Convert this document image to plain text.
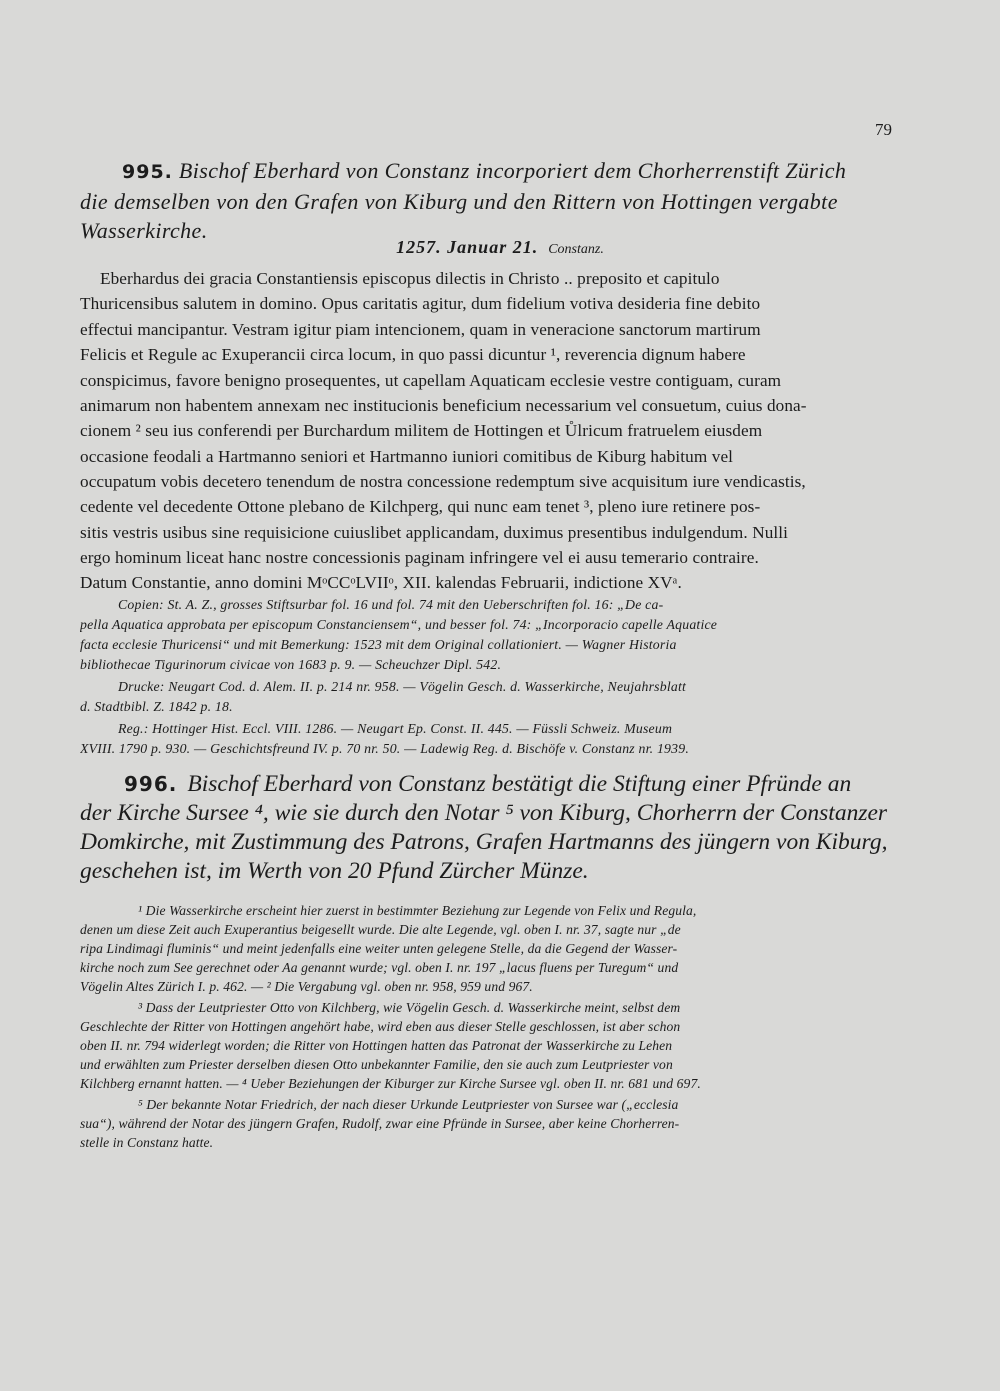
79
995. Bischof Eberhard von Constanz incorporiert dem Chorherrenstift Zürich
die demselben von den Grafen von Kiburg und den Rittern von Hottingen vergabte
Wasserkirche.
1257. Januar 21. Constanz.
Eberhardus dei gracia Constantiensis episcopus dilectis in Christo .. preposito et capitulo
Thuricensibus salutem in domino. Opus caritatis agitur, dum fidelium votiva desideria fine debito
effectui mancipantur. Vestram igitur piam intencionem, quam in veneracione sanctorum martirum
Felicis et Regule ac Exuperancii circa locum, in quo passi dicuntur ¹, reverencia dignum habere
conspicimus, favore benigno prosequentes, ut capellam Aquaticam ecclesie vestre contiguam, curam
animarum non habentem annexam nec institucionis beneficium necessarium vel consuetum, cuius dona-
cionem ² seu ius conferendi per Burchardum militem de Hottingen et Ůlricum fratruelem eiusdem
occasione feodali a Hartmanno seniori et Hartmanno iuniori comitibus de Kiburg habitum vel
occupatum vobis decetero tenendum de nostra concessione redemptum sive acquisitum iure vendicastis,
cedente vel decedente Ottone plebano de Kilchperg, qui nunc eam tenet ³, pleno iure retinere pos-
sitis vestris usibus sine requisicione cuiuslibet applicandam, duximus presentibus indulgendum. Nulli
ergo hominum liceat hanc nostre concessionis paginam infringere vel ei ausu temerario contraire.
Datum Constantie, anno domini MᵒCCᵒLVIIᵒ, XII. kalendas Februarii, indictione XVᵃ.
Copien: St. A. Z., grosses Stiftsurbar fol. 16 und fol. 74 mit den Ueberschriften fol. 16: „De ca-
pella Aquatica approbata per episcopum Constanciensem“, und besser fol. 74: „Incorporacio capelle Aquatice
facta ecclesie Thuricensi“ und mit Bemerkung: 1523 mit dem Original collationiert. — Wagner Historia
bibliothecae Tigurinorum civicae von 1683 p. 9. — Scheuchzer Dipl. 542.
Drucke: Neugart Cod. d. Alem. II. p. 214 nr. 958. — Vögelin Gesch. d. Wasserkirche, Neujahrsblatt
d. Stadtbibl. Z. 1842 p. 18.
Reg.: Hottinger Hist. Eccl. VIII. 1286. — Neugart Ep. Const. II. 445. — Füssli Schweiz. Museum
XVIII. 1790 p. 930. — Geschichtsfreund IV. p. 70 nr. 50. — Ladewig Reg. d. Bischöfe v. Constanz nr. 1939.
996. Bischof Eberhard von Constanz bestätigt die Stiftung einer Pfründe an
der Kirche Sursee ⁴, wie sie durch den Notar ⁵ von Kiburg, Chorherrn der Constanzer
Domkirche, mit Zustimmung des Patrons, Grafen Hartmanns des jüngern von Kiburg,
geschehen ist, im Werth von 20 Pfund Zürcher Münze.
¹ Die Wasserkirche erscheint hier zuerst in bestimmter Beziehung zur Legende von Felix und Regula,
denen um diese Zeit auch Exuperantius beigesellt wurde. Die alte Legende, vgl. oben I. nr. 37, sagte nur „de
ripa Lindimagi fluminis“ und meint jedenfalls eine weiter unten gelegene Stelle, da die Gegend der Wasser-
kirche noch zum See gerechnet oder Aa genannt wurde; vgl. oben I. nr. 197 „lacus fluens per Turegum“ und
Vögelin Altes Zürich I. p. 462. — ² Die Vergabung vgl. oben nr. 958, 959 und 967.
³ Dass der Leutpriester Otto von Kilchberg, wie Vögelin Gesch. d. Wasserkirche meint, selbst dem
Geschlechte der Ritter von Hottingen angehört habe, wird eben aus dieser Stelle geschlossen, ist aber schon
oben II. nr. 794 widerlegt worden; die Ritter von Hottingen hatten das Patronat der Wasserkirche zu Lehen
und erwählten zum Priester derselben diesen Otto unbekannter Familie, den sie auch zum Leutpriester von
Kilchberg ernannt hatten. — ⁴ Ueber Beziehungen der Kiburger zur Kirche Sursee vgl. oben II. nr. 681 und 697.
⁵ Der bekannte Notar Friedrich, der nach dieser Urkunde Leutpriester von Sursee war („ecclesia
sua“), während der Notar des jüngern Grafen, Rudolf, zwar eine Pfründe in Sursee, aber keine Chorherren-
stelle in Constanz hatte.
